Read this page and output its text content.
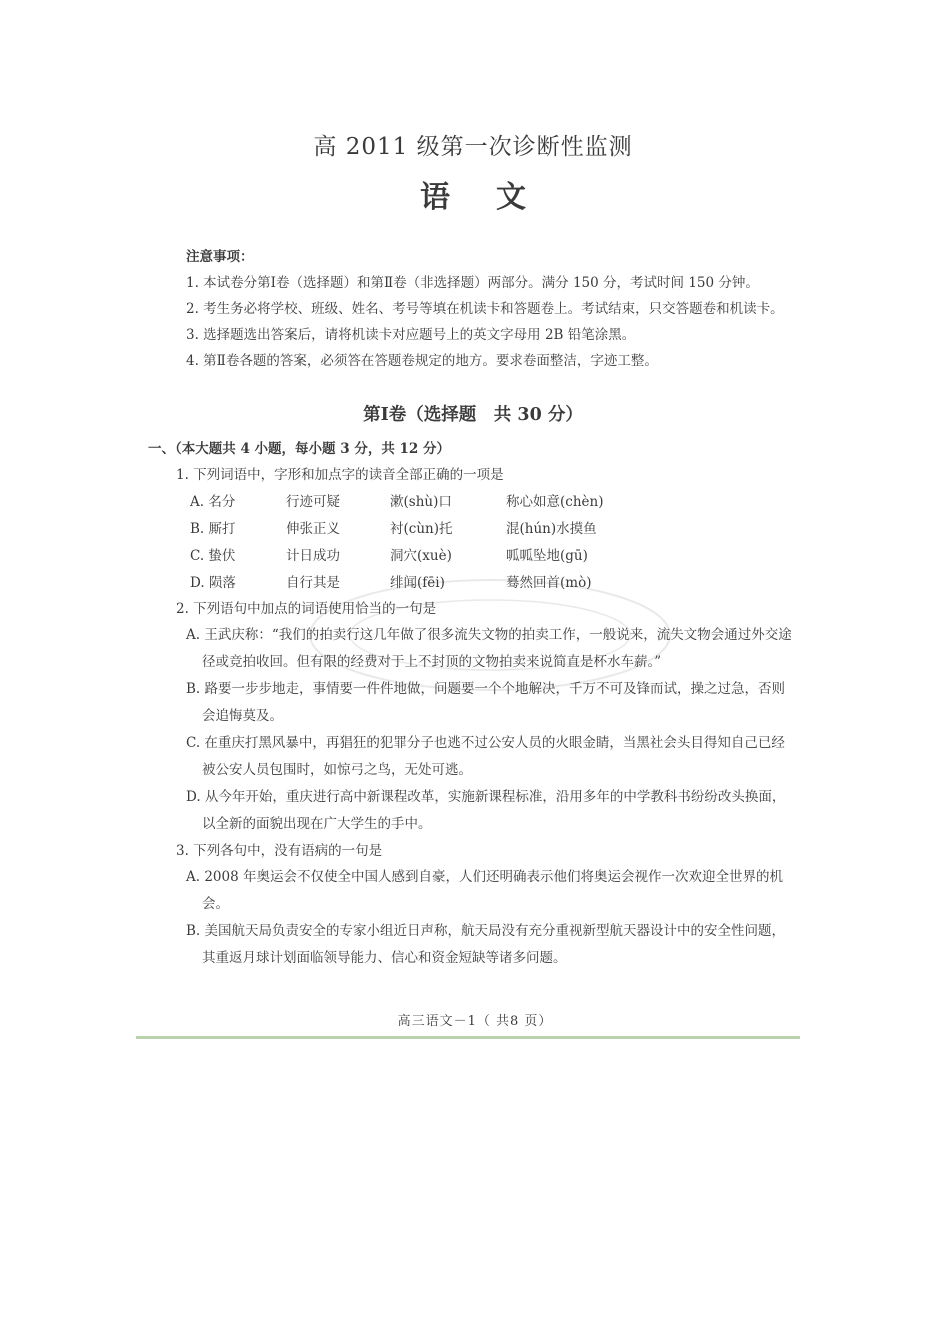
高 2011 级第一次诊断性监测
语文
注意事项：
1. 本试卷分第Ⅰ卷（选择题）和第Ⅱ卷（非选择题）两部分。满分 150 分，考试时间 150 分钟。
2. 考生务必将学校、班级、姓名、考号等填在机读卡和答题卷上。考试结束，只交答题卷和机读卡。
3. 选择题选出答案后，请将机读卡对应题号上的英文字母用 2B 铅笔涂黑。
4. 第Ⅱ卷各题的答案，必须答在答题卷规定的地方。要求卷面整洁，字迹工整。
第Ⅰ卷（选择题　共 30 分）
一、（本大题共 4 小题，每小题 3 分，共 12 分）
1. 下列词语中，字形和加点字的读音全部正确的一项是
A. 名分	行迹可疑	漱(shù)口	称心如意(chèn)
B. 厮打	伸张正义	衬(cùn)托	混(hún)水摸鱼
C. 蛰伏	计日成功	洞穴(xuè)	呱呱坠地(gū)
D. 陨落	自行其是	绯闻(fēi)	蓦然回首(mò)
2. 下列语句中加点的词语使用恰当的一句是
A. 王武庆称：“我们的拍卖行这几年做了很多流失文物的拍卖工作，一般说来，流失文物会通过外交途径或竞拍收回。但有限的经费对于上不封顶的文物拍卖来说简直是杯水车薪。”
B. 路要一步步地走，事情要一件件地做，问题要一个个地解决，千万不可及锋而试，操之过急，否则会追悔莫及。
C. 在重庆打黑风暴中，再猖狂的犯罪分子也逃不过公安人员的火眼金睛，当黑社会头目得知自己已经被公安人员包围时，如惊弓之鸟，无处可逃。
D. 从今年开始，重庆进行高中新课程改革，实施新课程标准，沿用多年的中学教科书纷纷改头换面，以全新的面貌出现在广大学生的手中。
3. 下列各句中，没有语病的一句是
A. 2008 年奥运会不仅使全中国人感到自豪，人们还明确表示他们将奥运会视作一次欢迎全世界的机会。
B. 美国航天局负责安全的专家小组近日声称，航天局没有充分重视新型航天器设计中的安全性问题，其重返月球计划面临领导能力、信心和资金短缺等诸多问题。
高三语文－1（ 共8 页）
